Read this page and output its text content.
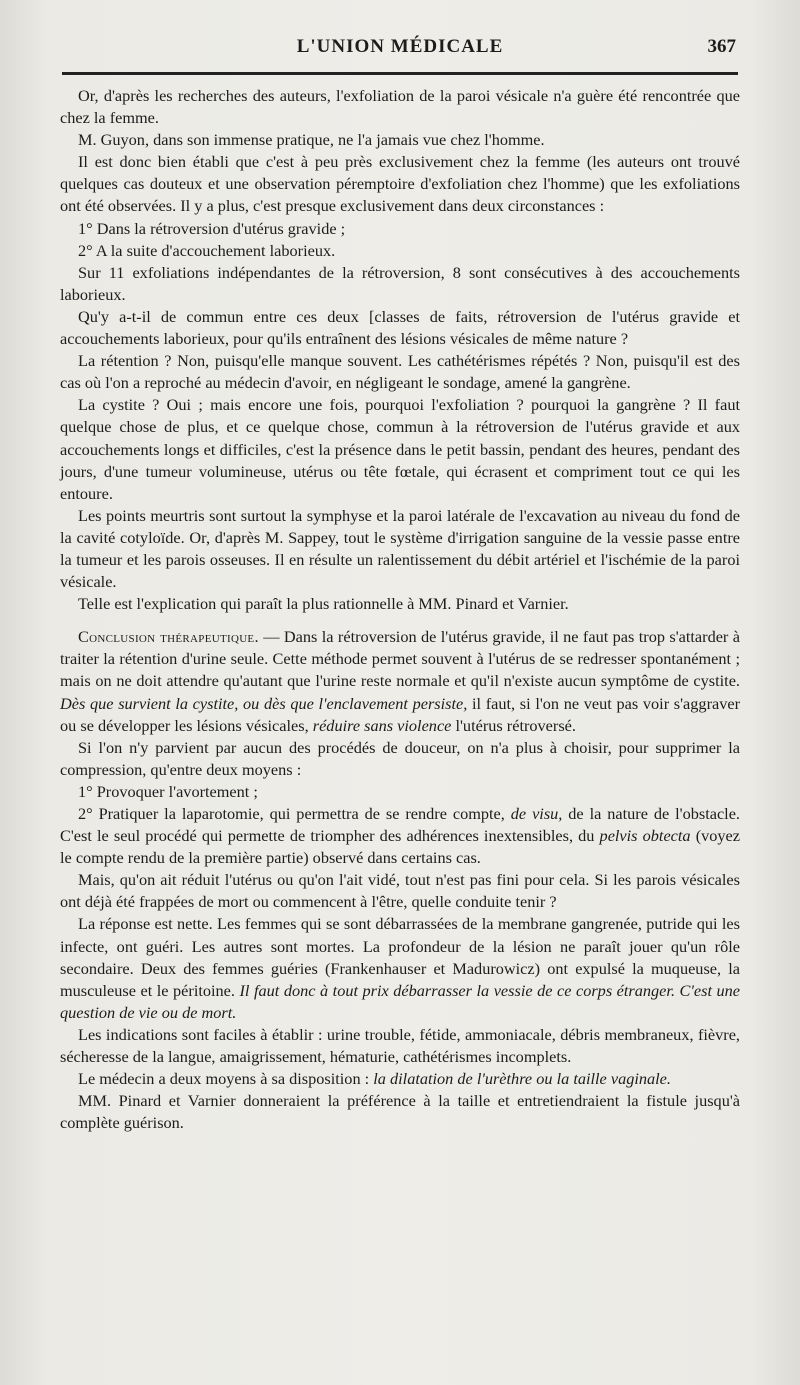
L'UNION MÉDICALE	367

Or, d'après les recherches des auteurs, l'exfoliation de la paroi vésicale n'a guère été rencontrée que chez la femme.

M. Guyon, dans son immense pratique, ne l'a jamais vue chez l'homme.

Il est donc bien établi que c'est à peu près exclusivement chez la femme (les auteurs ont trouvé quelques cas douteux et une observation péremptoire d'exfoliation chez l'homme) que les exfoliations ont été observées. Il y a plus, c'est presque exclusivement dans deux circonstances :

1° Dans la rétroversion d'utérus gravide ;

2° A la suite d'accouchement laborieux.

Sur 11 exfoliations indépendantes de la rétroversion, 8 sont consécutives à des accouchements laborieux.

Qu'y a-t-il de commun entre ces deux [classes de faits, rétroversion de l'utérus gravide et accouchements laborieux, pour qu'ils entraînent des lésions vésicales de même nature ?

La rétention ? Non, puisqu'elle manque souvent. Les cathétérismes répétés ? Non, puisqu'il est des cas où l'on a reproché au médecin d'avoir, en négligeant le sondage, amené la gangrène.

La cystite ? Oui ; mais encore une fois, pourquoi l'exfoliation ? pourquoi la gangrène ? Il faut quelque chose de plus, et ce quelque chose, commun à la rétroversion de l'utérus gravide et aux accouchements longs et difficiles, c'est la présence dans le petit bassin, pendant des heures, pendant des jours, d'une tumeur volumineuse, utérus ou tête fœtale, qui écrasent et compriment tout ce qui les entoure.

Les points meurtris sont surtout la symphyse et la paroi latérale de l'excavation au niveau du fond de la cavité cotyloïde. Or, d'après M. Sappey, tout le système d'irrigation sanguine de la vessie passe entre la tumeur et les parois osseuses. Il en résulte un ralentissement du débit artériel et l'ischémie de la paroi vésicale.

Telle est l'explication qui paraît la plus rationnelle à MM. Pinard et Varnier.

Conclusion thérapeutique. — Dans la rétroversion de l'utérus gravide, il ne faut pas trop s'attarder à traiter la rétention d'urine seule. Cette méthode permet souvent à l'utérus de se redresser spontanément ; mais on ne doit attendre qu'autant que l'urine reste normale et qu'il n'existe aucun symptôme de cystite. Dès que survient la cystite, ou dès que l'enclavement persiste, il faut, si l'on ne veut pas voir s'aggraver ou se développer les lésions vésicales, réduire sans violence l'utérus rétroversé.

Si l'on n'y parvient par aucun des procédés de douceur, on n'a plus à choisir, pour supprimer la compression, qu'entre deux moyens :

1° Provoquer l'avortement ;

2° Pratiquer la laparotomie, qui permettra de se rendre compte, de visu, de la nature de l'obstacle. C'est le seul procédé qui permette de triompher des adhérences inextensibles, du pelvis obtecta (voyez le compte rendu de la première partie) observé dans certains cas.

Mais, qu'on ait réduit l'utérus ou qu'on l'ait vidé, tout n'est pas fini pour cela. Si les parois vésicales ont déjà été frappées de mort ou commencent à l'être, quelle conduite tenir ?

La réponse est nette. Les femmes qui se sont débarrassées de la membrane gangrenée, putride qui les infecte, ont guéri. Les autres sont mortes. La profondeur de la lésion ne paraît jouer qu'un rôle secondaire. Deux des femmes guéries (Frankenhauser et Madurowicz) ont expulsé la muqueuse, la musculeuse et le péritoine. Il faut donc à tout prix débarrasser la vessie de ce corps étranger. C'est une question de vie ou de mort.

Les indications sont faciles à établir : urine trouble, fétide, ammoniacale, débris membraneux, fièvre, sécheresse de la langue, amaigrissement, hématurie, cathétérismes incomplets.

Le médecin a deux moyens à sa disposition : la dilatation de l'urèthre ou la taille vaginale.

MM. Pinard et Varnier donneraient la préférence à la taille et entretiendraient la fistule jusqu'à complète guérison.
